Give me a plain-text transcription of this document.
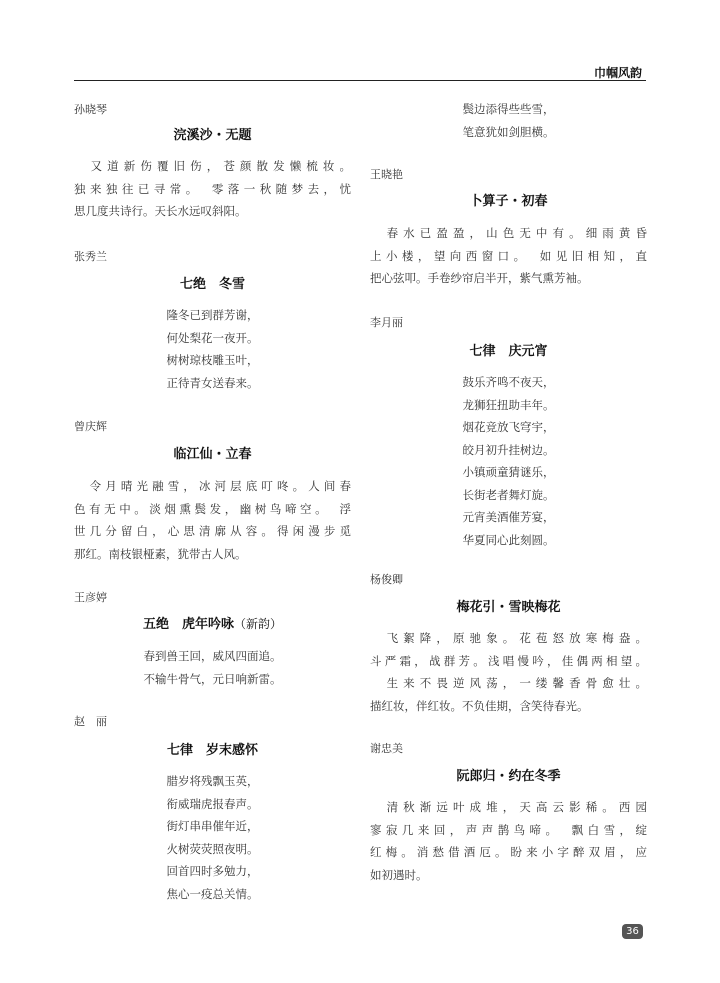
巾帼风韵
孙晓琴
浣溪沙・无题
　又道新伤覆旧伤，苍颜散发懒梳妆。
独来独往已寻常。　零落一秋随梦去，忧
思几度共诗行。天长水远叹斜阳。
张秀兰
七绝　冬雪
隆冬已到群芳谢，
何处梨花一夜开。
树树琼枝雕玉叶，
正待青女送春来。
曾庆辉
临江仙・立春
　令月晴光融雪，冰河层底叮咚。人间春
色有无中。淡烟熏鬓发，幽树鸟啼空。　浮
世几分留白，心思清廓从容。得闲漫步觅
那红。南枝银桠素，犹带古人风。
王彦婷
五绝　虎年吟咏（新韵）
春到兽王回，威风四面追。
不输牛骨气，元日响新雷。
赵　丽
七律　岁末感怀
腊岁将残飘玉英，
衔威瑞虎报春声。
街灯串串催年近，
火树荧荧照夜明。
回首四时多勉力，
焦心一疫总关情。
鬓边添得些些雪，
笔意犹如剑胆横。
王晓艳
卜算子・初春
　春水已盈盈，山色无中有。细雨黄昏
上小楼，望向西窗口。　如见旧相知，直
把心弦叩。手卷纱帘启半开，紫气熏芳袖。
李月丽
七律　庆元宵
鼓乐齐鸣不夜天，
龙狮狂扭助丰年。
烟花竞放飞穹宇，
皎月初升挂树边。
小镇顽童猜谜乐，
长街老者舞灯旋。
元宵美酒催芳宴，
华夏同心此刻圆。
杨俊卿
梅花引・雪映梅花
　飞絮降，原驰象。花苞怒放寒梅盎。
斗严霜，战群芳。浅唱慢吟，佳偶两相望。
　生来不畏逆风荡，一缕馨香骨愈壮。
描红妆，伴红妆。不负佳期，含笑待春光。
谢忠美
阮郎归・约在冬季
　清秋渐远叶成堆，天高云影稀。西园
寥寂几来回，声声鹊鸟啼。　飘白雪，绽
红梅。消愁借酒厄。盼来小字醉双眉，应
如初遇时。
36
